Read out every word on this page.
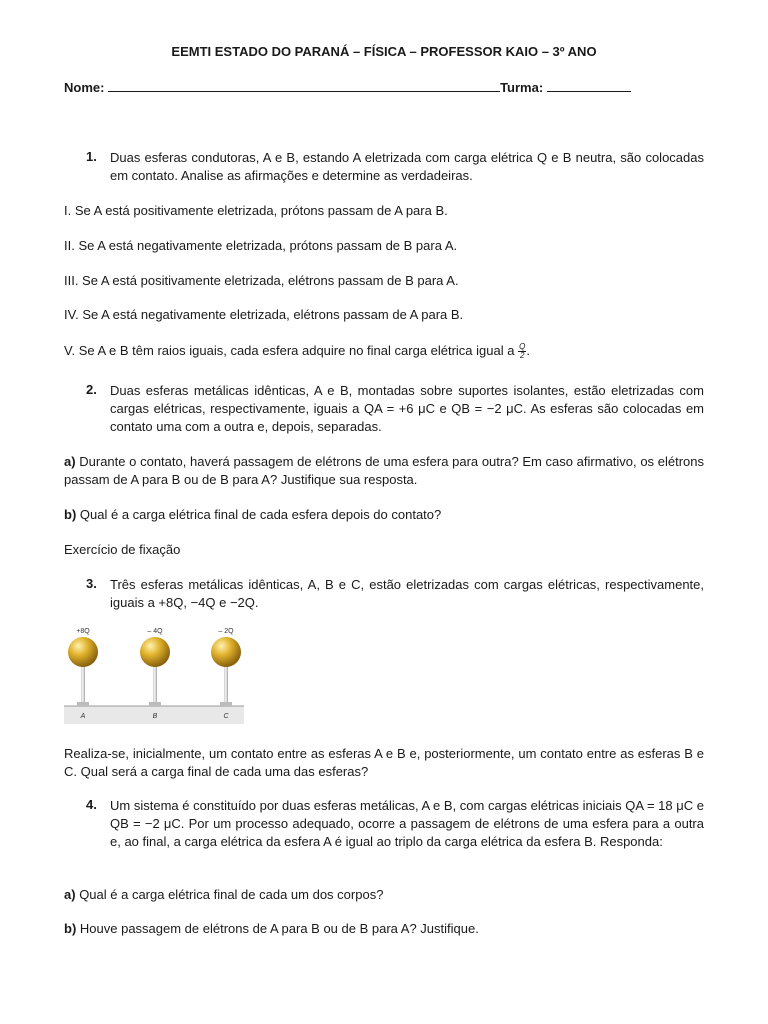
EEMTI ESTADO DO PARANÁ – FÍSICA – PROFESSOR KAIO – 3º ANO
Nome:	Turma:
1. Duas esferas condutoras, A e B, estando A eletrizada com carga elétrica Q e B neutra, são colocadas em contato. Analise as afirmações e determine as verdadeiras.
I. Se A está positivamente eletrizada, prótons passam de A para B.
II. Se A está negativamente eletrizada, prótons passam de B para A.
III. Se A está positivamente eletrizada, elétrons passam de B para A.
IV. Se A está negativamente eletrizada, elétrons passam de A para B.
V. Se A e B têm raios iguais, cada esfera adquire no final carga elétrica igual a $\frac{Q}{2}$ .
2. Duas esferas metálicas idênticas, A e B, montadas sobre suportes isolantes, estão eletrizadas com cargas elétricas, respectivamente, iguais a QA = +6 μC e QB = −2 μC. As esferas são colocadas em contato uma com a outra e, depois, separadas.
a) Durante o contato, haverá passagem de elétrons de uma esfera para outra? Em caso afirmativo, os elétrons passam de A para B ou de B para A? Justifique sua resposta.
b) Qual é a carga elétrica final de cada esfera depois do contato?
Exercício de fixação
3. Três esferas metálicas idênticas, A, B e C, estão eletrizadas com cargas elétricas, respectivamente, iguais a +8Q, −4Q e −2Q.
+8Q
A
– 4Q
B
– 2Q
C
Realiza-se, inicialmente, um contato entre as esferas A e B e, posteriormente, um contato entre as esferas B e C. Qual será a carga final de cada uma das esferas?
4. Um sistema é constituído por duas esferas metálicas, A e B, com cargas elétricas iniciais QA = 18 μC e QB = −2 μC. Por um processo adequado, ocorre a passagem de elétrons de uma esfera para a outra e, ao final, a carga elétrica da esfera A é igual ao triplo da carga elétrica da esfera B. Responda:
a) Qual é a carga elétrica final de cada um dos corpos?
b) Houve passagem de elétrons de A para B ou de B para A? Justifique.
